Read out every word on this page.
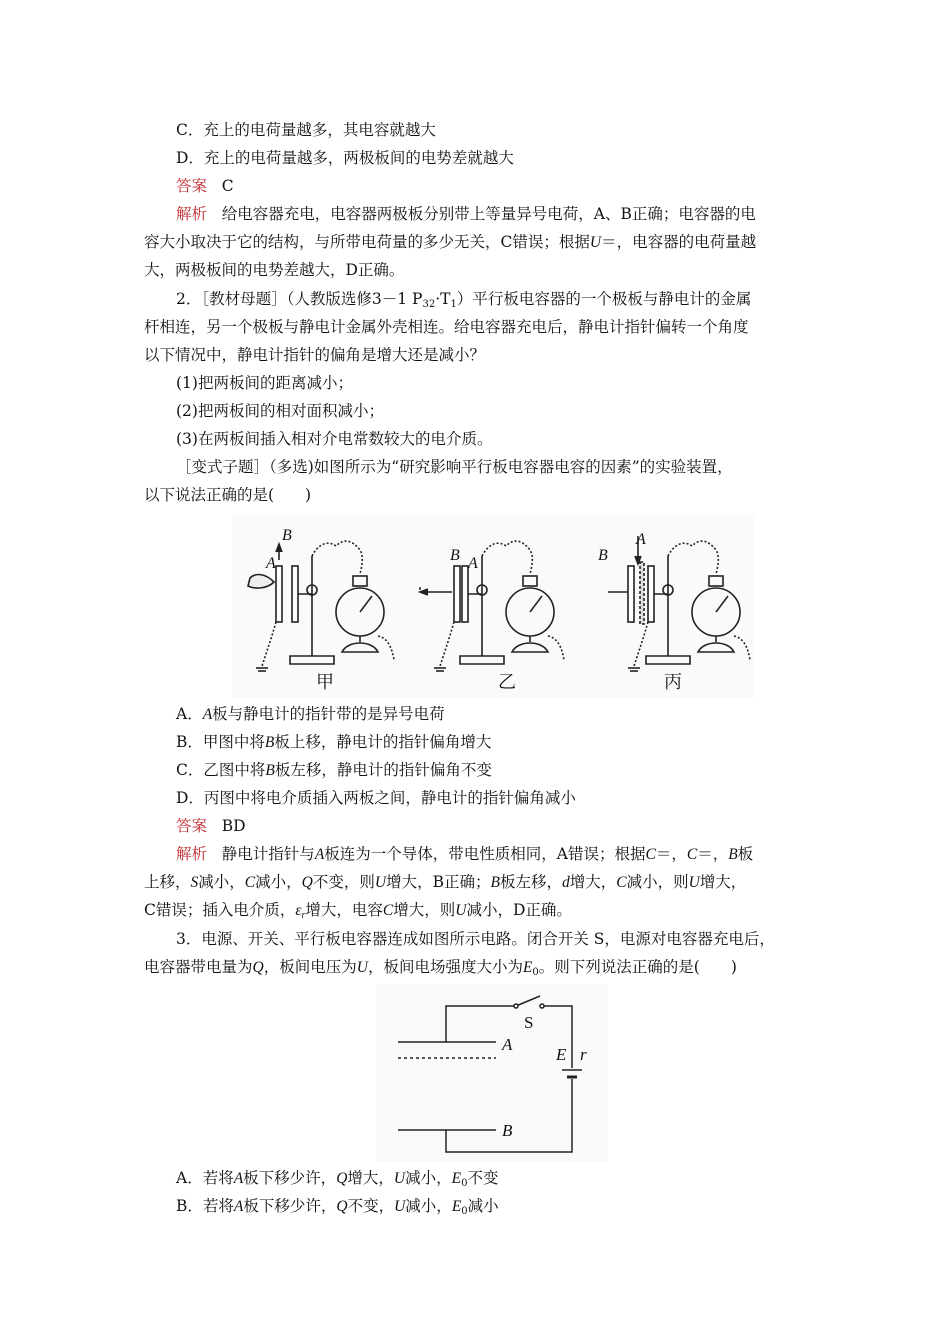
C．充上的电荷量越多，其电容就越大
D．充上的电荷量越多，两极板间的电势差就越大
答案 C
解析 给电容器充电，电容器两极板分别带上等量异号电荷，A、B正确；电容器的电
容大小取决于它的结构，与所带电荷量的多少无关，C错误；根据U＝，电容器的电荷量越
大，两极板间的电势差越大，D正确。
2．［教材母题］（人教版选修3－1 $P_{32}\cdot T_1$）平行板电容器的一个极板与静电计的金属
杆相连，另一个极板与静电计金属外壳相连。给电容器充电后，静电计指针偏转一个角度
以下情况中，静电计指针的偏角是增大还是减小？
(1)把两板间的距离减小；
(2)把两板间的相对面积减小；
(3)在两板间插入相对介电常数较大的电介质。
［变式子题］（多选)如图所示为“研究影响平行板电容器电容的因素”的实验装置，
以下说法正确的是(　　)
B
A	B A	B
A
甲	乙	丙
A．A板与静电计的指针带的是异号电荷
B．甲图中将B板上移，静电计的指针偏角增大
C．乙图中将B板左移，静电计的指针偏角不变
D．丙图中将电介质插入两板之间，静电计的指针偏角减小
答案 BD
解析 静电计指针与A板连为一个导体，带电性质相同，A错误；根据C＝，C＝，B板
上移，S减小，C减小，Q不变，则U增大，B正确；B板左移，d增大，C减小，则U增大，
C错误；插入电介质，$\varepsilon_r$增大，电容C增大，则U减小，D正确。
3．电源、开关、平行板电容器连成如图所示电路。闭合开关 S，电源对电容器充电后，
电容器带电量为Q，板间电压为U，板间电场强度大小为$E_0$。则下列说法正确的是(　　)
S
A
B
E r
A．若将A板下移少许，Q增大，U减小，$E_0$不变
B．若将A板下移少许，Q不变，U减小，$E_0$减小
